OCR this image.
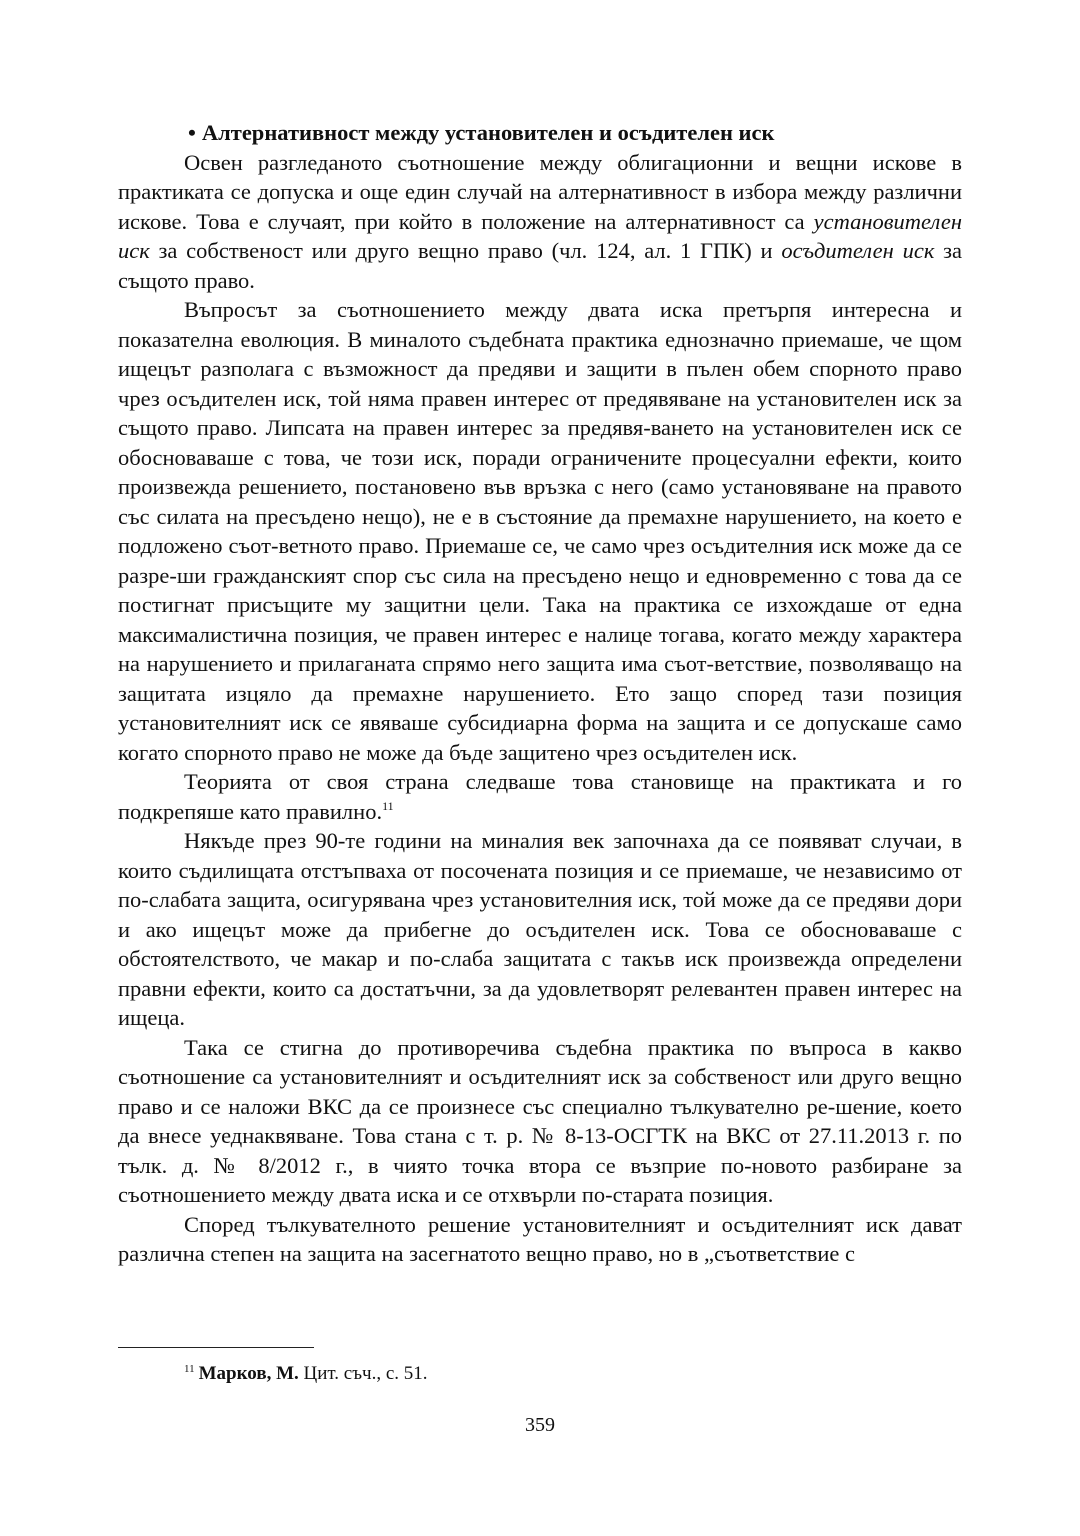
• Алтернативност между установителен и осъдителен иск

Освен разгледаното съотношение между облигационни и вещни искове в практиката се допуска и още един случай на алтернативност в избора между различни искове. Това е случаят, при който в положение на алтернативност са установителен иск за собственост или друго вещно право (чл. 124, ал. 1 ГПК) и осъдителен иск за същото право.

Въпросът за съотношението между двата иска претърпя интересна и показателна еволюция. В миналото съдебната практика еднозначно приемаше, че щом ищецът разполага с възможност да предяви и защити в пълен обем спорното право чрез осъдителен иск, той няма правен интерес от предявяване на установителен иск за същото право. Липсата на правен интерес за предявя-ването на установителен иск се обосноваваше с това, че този иск, поради ограничените процесуални ефекти, които произвежда решението, постановено във връзка с него (само установяване на правото със силата на пресъдено нещо), не е в състояние да премахне нарушението, на което е подложено съот-ветното право. Приемаше се, че само чрез осъдителния иск може да се разре-ши гражданският спор със сила на пресъдено нещо и едновременно с това да се постигнат присъщите му защитни цели. Така на практика се изхождаше от една максималистична позиция, че правен интерес е налице тогава, когато между характера на нарушението и прилаганата спрямо него защита има съот-ветствие, позволяващо на защитата изцяло да премахне нарушението. Ето защо според тази позиция установителният иск се явяваше субсидиарна форма на защита и се допускаше само когато спорното право не може да бъде защитено чрез осъдителен иск.

Теорията от своя страна следваше това становище на практиката и го подкрепяше като правилно.$^{11}$

Някъде през 90-те години на миналия век започнаха да се появяват случаи, в които съдилищата отстъпваха от посочената позиция и се приемаше, че независимо от по-слабата защита, осигурявана чрез установителния иск, той може да се предяви дори и ако ищецът може да прибегне до осъдителен иск. Това се обосноваваше с обстоятелството, че макар и по-слаба защитата с такъв иск произвежда определени правни ефекти, които са достатъчни, за да удовлетворят релевантен правен интерес на ищеца.

Така се стигна до противоречива съдебна практика по въпроса в какво съотношение са установителният и осъдителният иск за собственост или друго вещно право и се наложи ВКС да се произнесе със специално тълкувателно ре-шение, което да внесе уеднаквяване. Това стана с т. р. № 8-13-ОСГТК на ВКС от 27.11.2013 г. по тълк. д. № 8/2012 г., в чиято точка втора се възприе по-новото разбиране за съотношението между двата иска и се отхвърли по-старата позиция.

Според тълкувателното решение установителният и осъдителният иск дават различна степен на защита на засегнатото вещно право, но в „съответствие с

$^{11}$ Марков, М. Цит. съч., с. 51.
359
